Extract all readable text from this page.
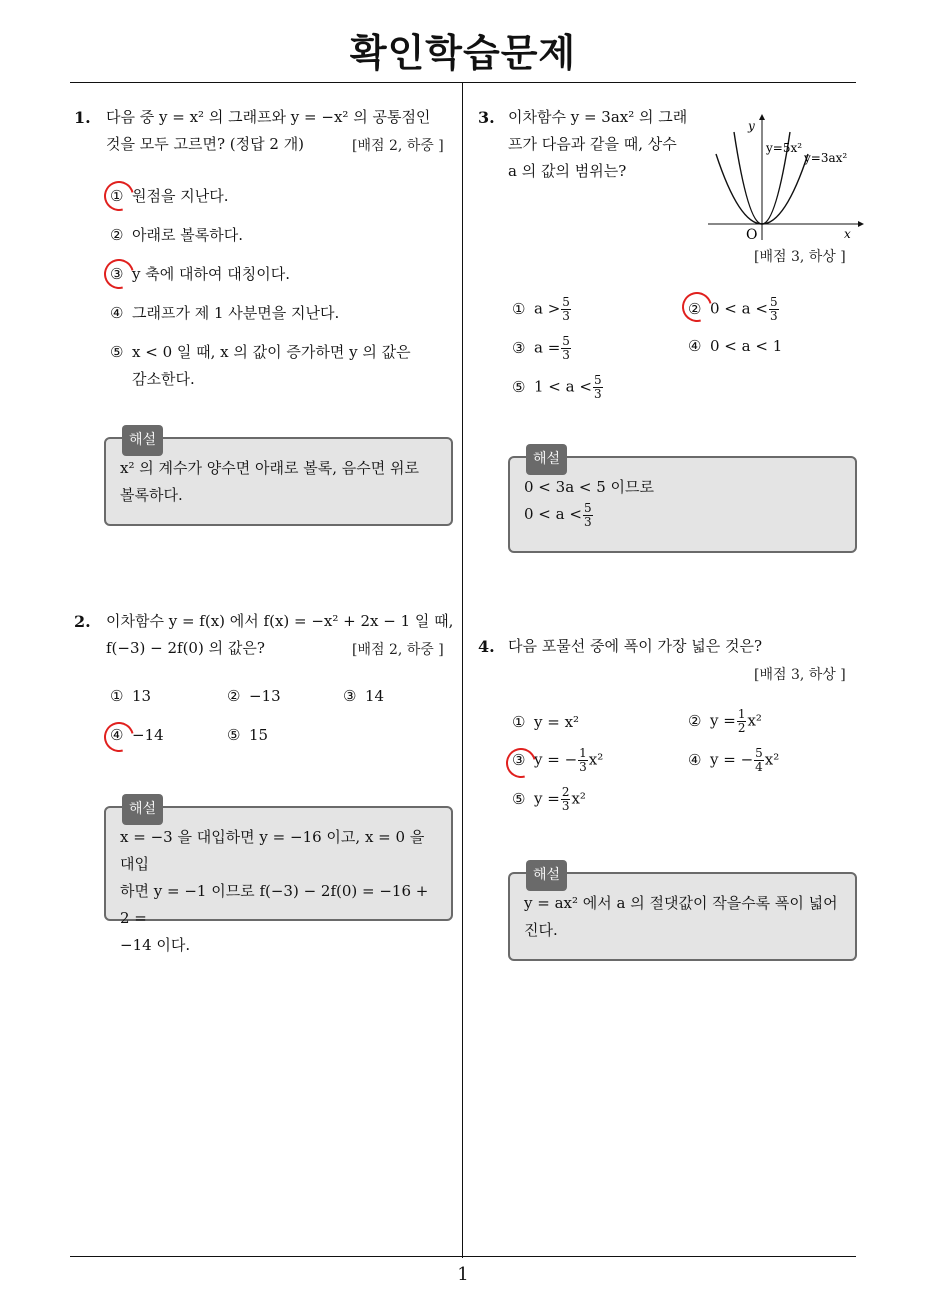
확인학습문제
1
1. 다음 중 y = x² 의 그래프와 y = −x² 의 공통점인
것을 모두 고르면? (정답 2 개)	[배점 2, 하중 ]
① 원점을 지난다.
② 아래로 볼록하다.
③ y 축에 대하여 대칭이다.
④ 그래프가 제 1 사분면을 지난다.
⑤ x < 0 일 때, x 의 값이 증가하면 y 의 값은
감소한다.
해설
x² 의 계수가 양수면 아래로 볼록, 음수면 위로
볼록하다.
2. 이차함수 y = f(x) 에서 f(x) = −x² + 2x − 1 일 때,
f(−3) − 2f(0) 의 값은?	[배점 2, 하중 ]
① 13	② −13	③ 14
④ −14	⑤ 15
해설
x = −3 을 대입하면 y = −16 이고, x = 0 을 대입
하면 y = −1 이므로 f(−3) − 2f(0) = −16 + 2 =
−14 이다.
3. 이차함수 y = 3ax² 의 그래
프가 다음과 같을 때, 상수
a 의 값의 범위는?
y
x
O
y=5x²
y=3ax²
[배점 3, 하상 ]
① $a > \frac{5}{3}$	② $0 < a < \frac{5}{3}$
③ $a = \frac{5}{3}$	④ 0 < a < 1
⑤ $1 < a < \frac{5}{3}$
해설
0 < 3a < 5 이므로
$0 < a < \frac{5}{3}$
4. 다음 포물선 중에 폭이 가장 넓은 것은?
[배점 3, 하상 ]
① y = x²	② $y = \frac{1}{2} x^2$
③ y = − $\frac{1}{3} x^2$	④ y = − $\frac{5}{4} x^2$
⑤ $y = \frac{2}{3} x^2$
해설
y = ax² 에서 a 의 절댓값이 작을수록 폭이 넓어
진다.
